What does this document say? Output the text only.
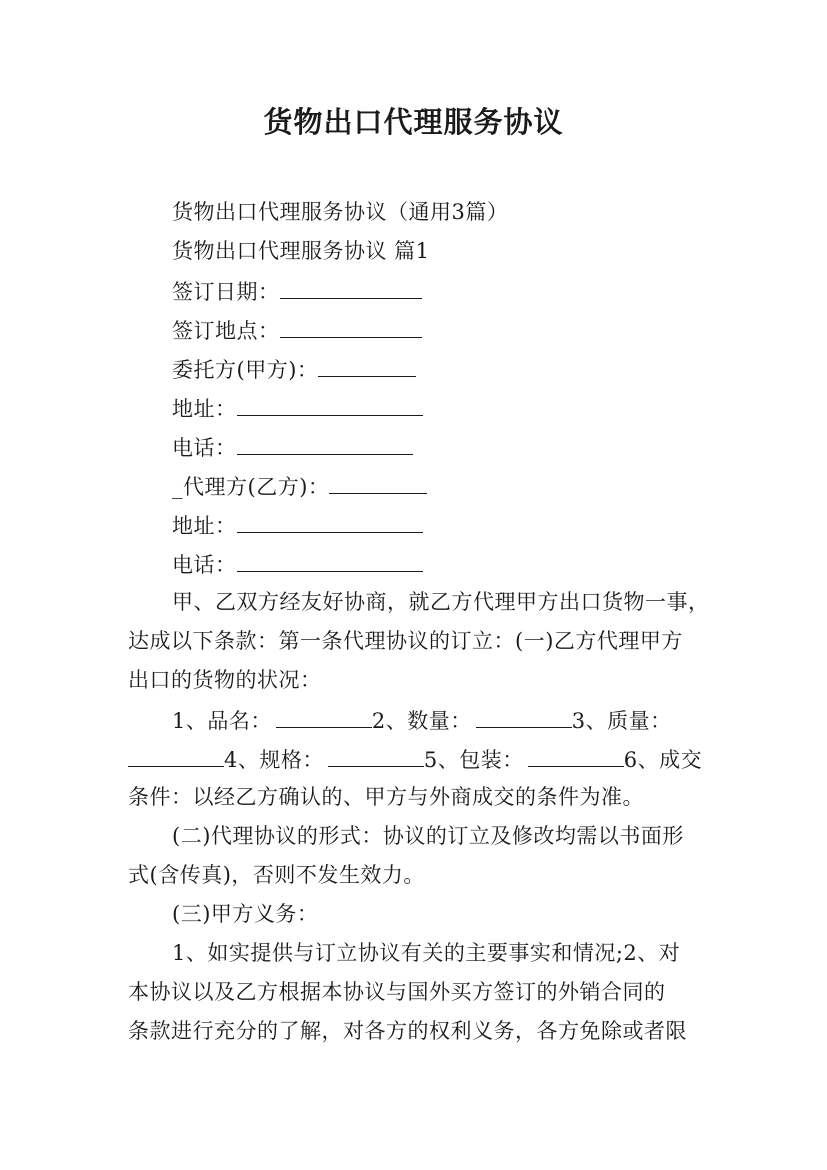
货物出口代理服务协议
货物出口代理服务协议（通用3篇）
货物出口代理服务协议 篇1
签订日期：
签订地点：
委托方(甲方)：
地址：
电话：
_代理方(乙方)：
地址：
电话：
甲、乙双方经友好协商，就乙方代理甲方出口货物一事，
达成以下条款：第一条代理协议的订立：(一)乙方代理甲方
出口的货物的状况：
1、品名：	2、数量：	3、质量：
4、规格：	5、包装：	6、成交
条件：以经乙方确认的、甲方与外商成交的条件为准。
(二)代理协议的形式：协议的订立及修改均需以书面形
式(含传真)，否则不发生效力。
(三)甲方义务：
1、如实提供与订立协议有关的主要事实和情况;2、对
本协议以及乙方根据本协议与国外买方签订的外销合同的
条款进行充分的了解，对各方的权利义务，各方免除或者限
